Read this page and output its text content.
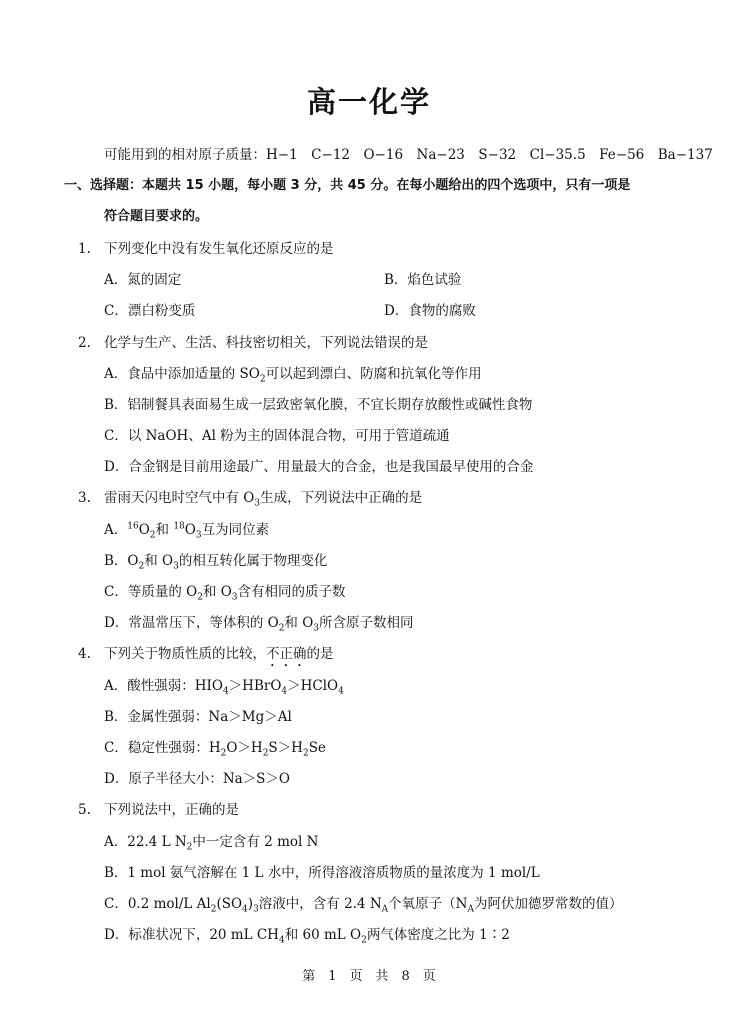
高一化学
可能用到的相对原子质量：H−1　C−12　O−16　Na−23　S−32　Cl−35.5　Fe−56　Ba−137
一、选择题：本题共 15 小题，每小题 3 分，共 45 分。在每小题给出的四个选项中，只有一项是
符合题目要求的。
1. 下列变化中没有发生氧化还原反应的是
A．氮的固定	B．焰色试验
C．漂白粉变质	D．食物的腐败
2. 化学与生产、生活、科技密切相关，下列说法错误的是
A．食品中添加适量的 $SO_2$可以起到漂白、防腐和抗氧化等作用
B．铝制餐具表面易生成一层致密氧化膜，不宜长期存放酸性或碱性食物
C．以 NaOH、Al 粉为主的固体混合物，可用于管道疏通
D．合金钢是目前用途最广、用量最大的合金，也是我国最早使用的合金
3. 雷雨天闪电时空气中有 $O_3$生成，下列说法中正确的是
A．$^{16}O_2$和 $^{18}O_3$互为同位素
B．$O_2$和 $O_3$的相互转化属于物理变化
C．等质量的 $O_2$和 $O_3$含有相同的质子数
D．常温常压下，等体积的 $O_2$和 $O_3$所含原子数相同
4. 下列关于物质性质的比较，不正确的是
A．酸性强弱：$HIO_4>HBrO_4>HClO_4$
B．金属性强弱：Na＞Mg＞Al
C．稳定性强弱：$H_2O>H_2S>H_2Se$
D．原子半径大小：Na＞S＞O
5. 下列说法中，正确的是
A．22.4 L $N_2$中一定含有 2 mol N
B．1 mol 氨气溶解在 1 L 水中，所得溶液溶质物质的量浓度为 1 mol/L
C．0.2 mol/L $Al_2(SO_4)_3$溶液中，含有 2.4 $N_A$个氧原子（$N_A$为阿伏加德罗常数的值）
D．标准状况下，20 mL $CH_4$和 60 mL $O_2$两气体密度之比为 1∶2
第　1　页　共　8　页
